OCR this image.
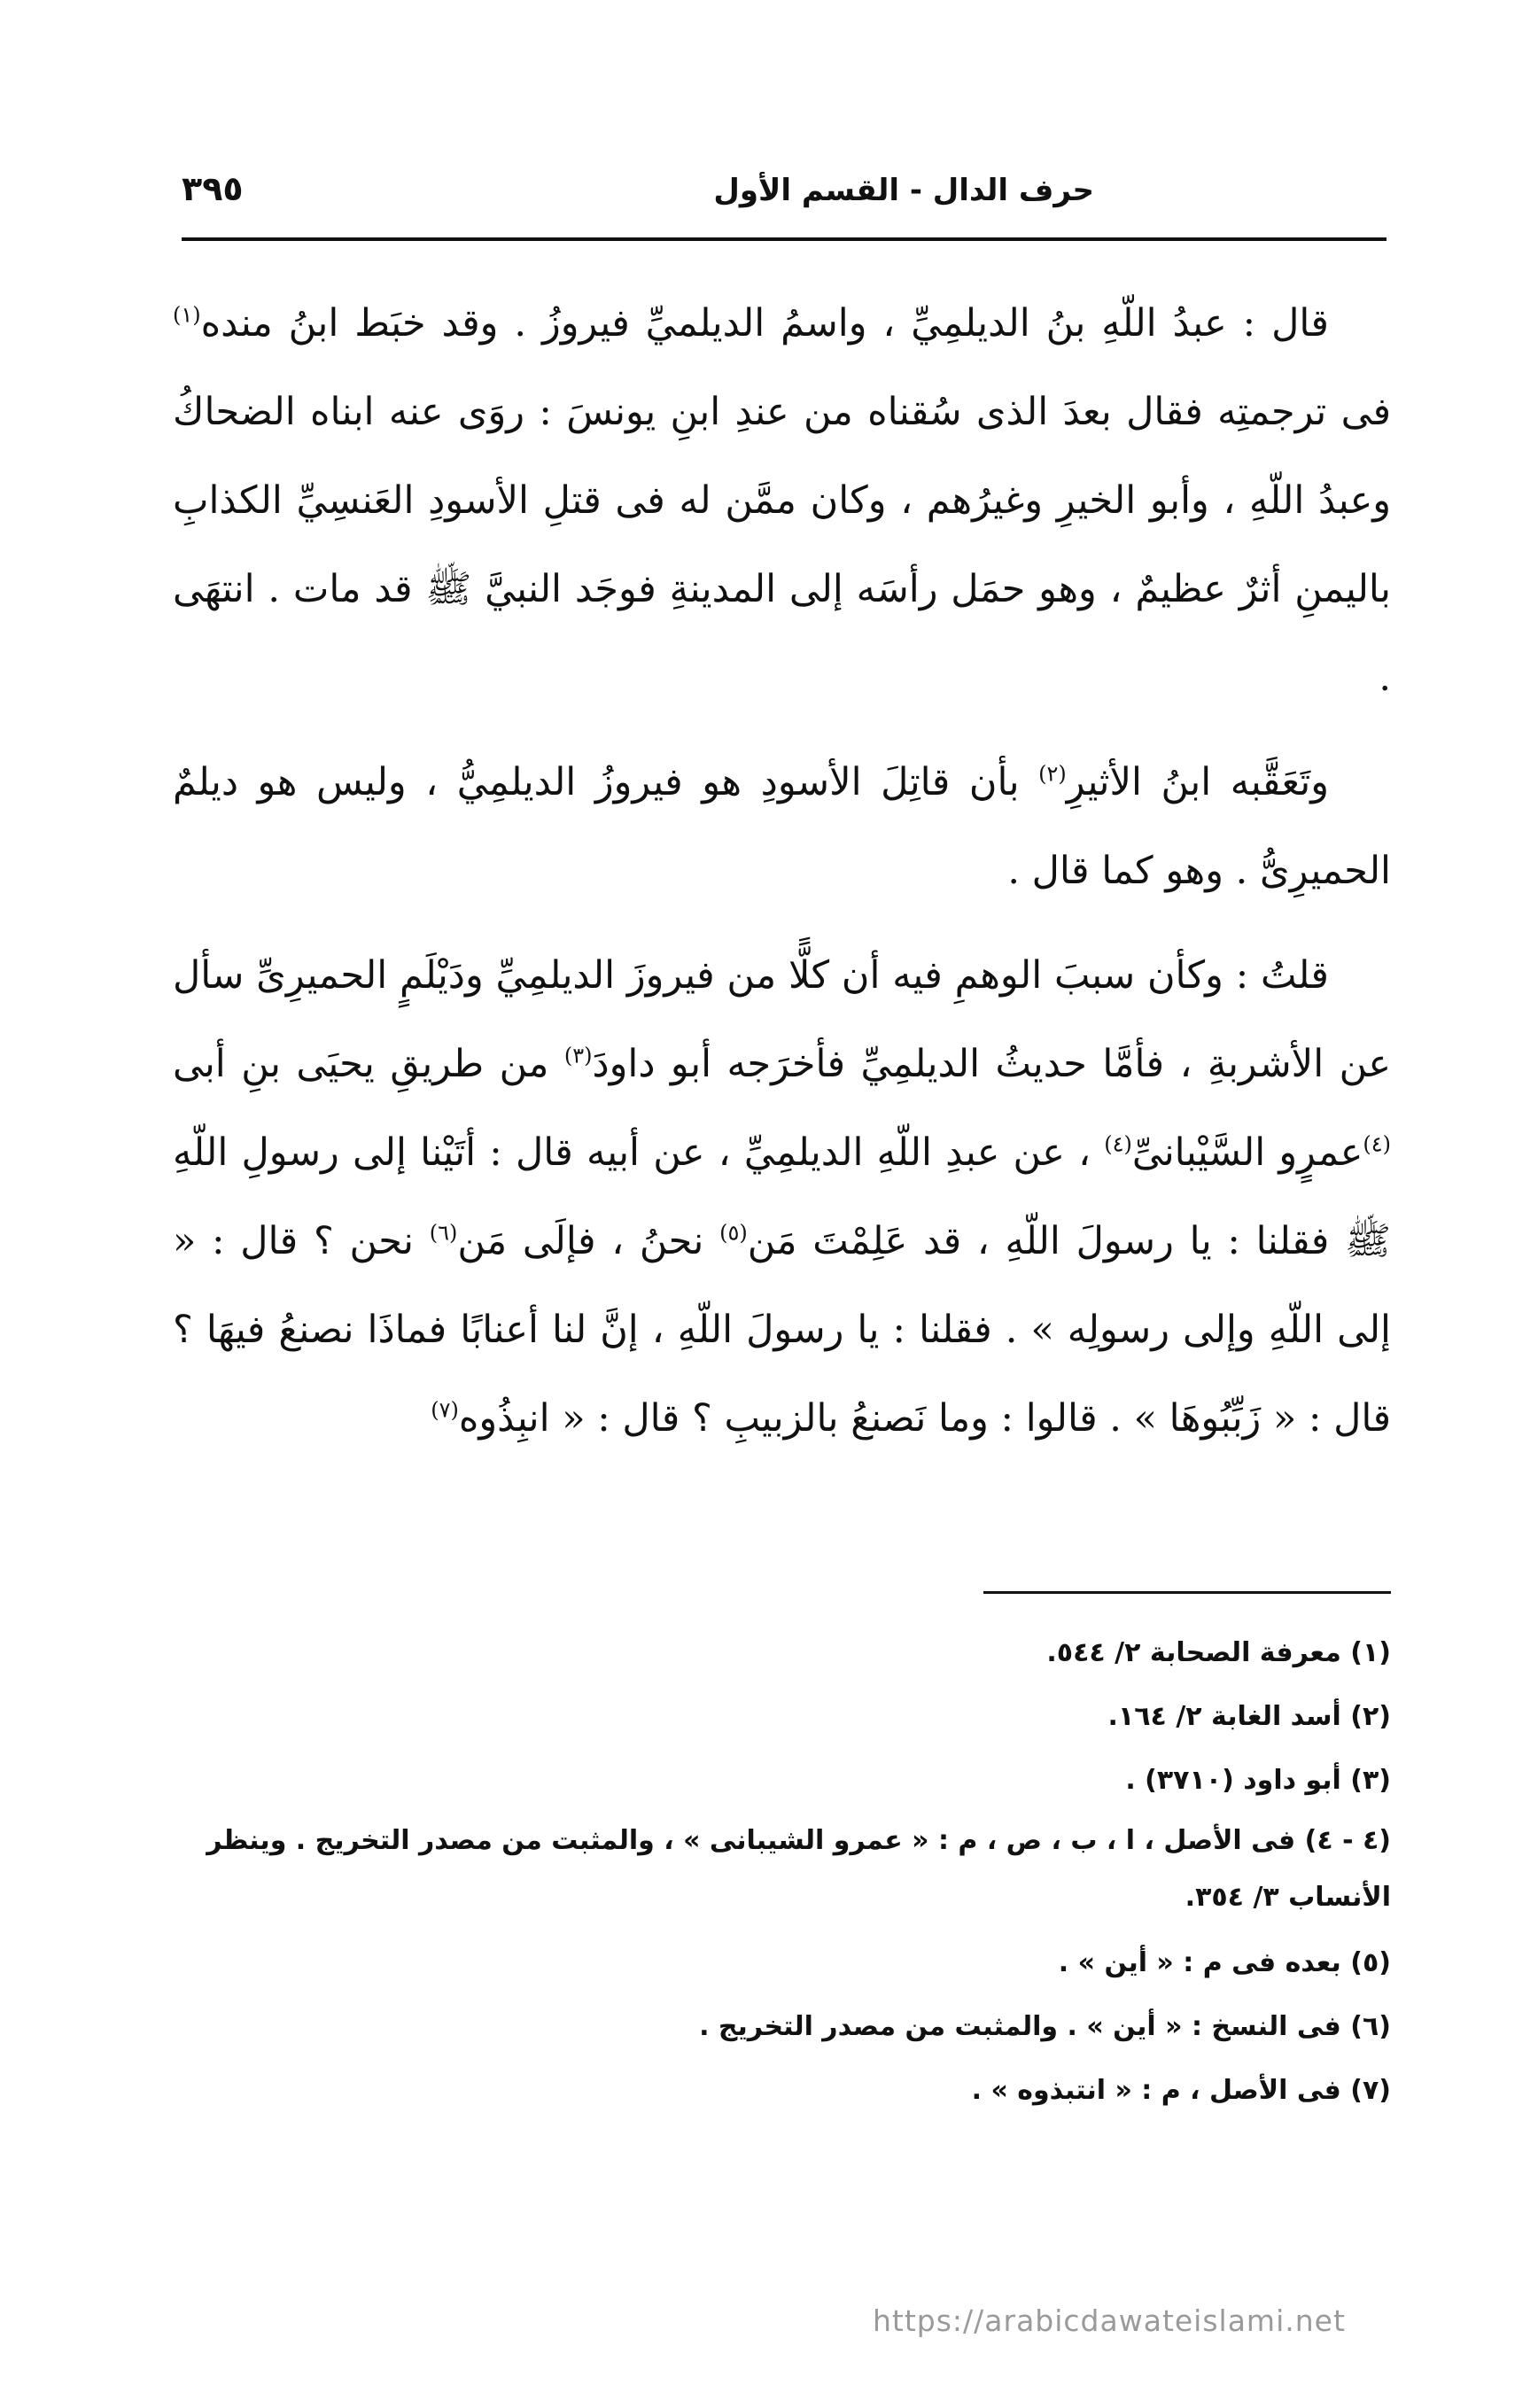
حرف الدال - القسم الأول
٣٩٥

قال : عبدُ اللّهِ بنُ الديلمِيِّ ، واسمُ الديلميِّ فيروزُ . وقد خبَط ابنُ منده$^{(١)}$ فى ترجمتِه فقال بعدَ الذى سُقناه من عندِ ابنِ يونسَ : روَى عنه ابناه الضحاكُ وعبدُ اللّهِ ، وأبو الخيرِ وغيرُهم ، وكان ممَّن له فى قتلِ الأسودِ العَنسِيِّ الكذابِ باليمنِ أثرٌ عظيمٌ ، وهو حمَل رأسَه إلى المدينةِ فوجَد النبيَّ ﷺ قد مات . انتهَى .

وتَعَقَّبه ابنُ الأثيرِ$^{(٢)}$ بأن قاتِلَ الأسودِ هو فيروزُ الديلمِيُّ ، وليس هو ديلمٌ الحميرِىُّ . وهو كما قال .

قلتُ : وكأن سببَ الوهمِ فيه أن كلًّا من فيروزَ الديلمِيِّ ودَيْلَمٍ الحميرِىِّ سأل عن الأشربةِ ، فأمَّا حديثُ الديلمِيِّ فأخرَجه أبو داودَ$^{(٣)}$ من طريقِ يحيَى بنِ أبى $^{(٤)}$عمرٍو السَّيْبانىِّ$^{(٤)}$ ، عن عبدِ اللّهِ الديلمِيِّ ، عن أبيه قال : أتَيْنا إلى رسولِ اللّهِ ﷺ فقلنا : يا رسولَ اللّهِ ، قد عَلِمْتَ مَن$^{(٥)}$ نحنُ ، فإلَى مَن$^{(٦)}$ نحن ؟ قال : « إلى اللّهِ وإلى رسولِه » . فقلنا : يا رسولَ اللّهِ ، إنَّ لنا أعنابًا فماذَا نصنعُ فيهَا ؟ قال : « زَبِّبُوهَا » . قالوا : وما نَصنعُ بالزبيبِ ؟ قال : « انبِذُوه$^{(٧)}$

(١) معرفة الصحابة ٢/ ٥٤٤.

(٢) أسد الغابة ٢/ ١٦٤.

(٣) أبو داود (٣٧١٠) .

(٤ - ٤) فى الأصل ، ا ، ب ، ص ، م : « عمرو الشيبانى » ، والمثبت من مصدر التخريج . وينظر الأنساب ٣/ ٣٥٤.

(٥) بعده فى م : « أين » .

(٦) فى النسخ : « أين » . والمثبت من مصدر التخريج .

(٧) فى الأصل ، م : « انتبذوه » .

https://arabicdawateislami.net
